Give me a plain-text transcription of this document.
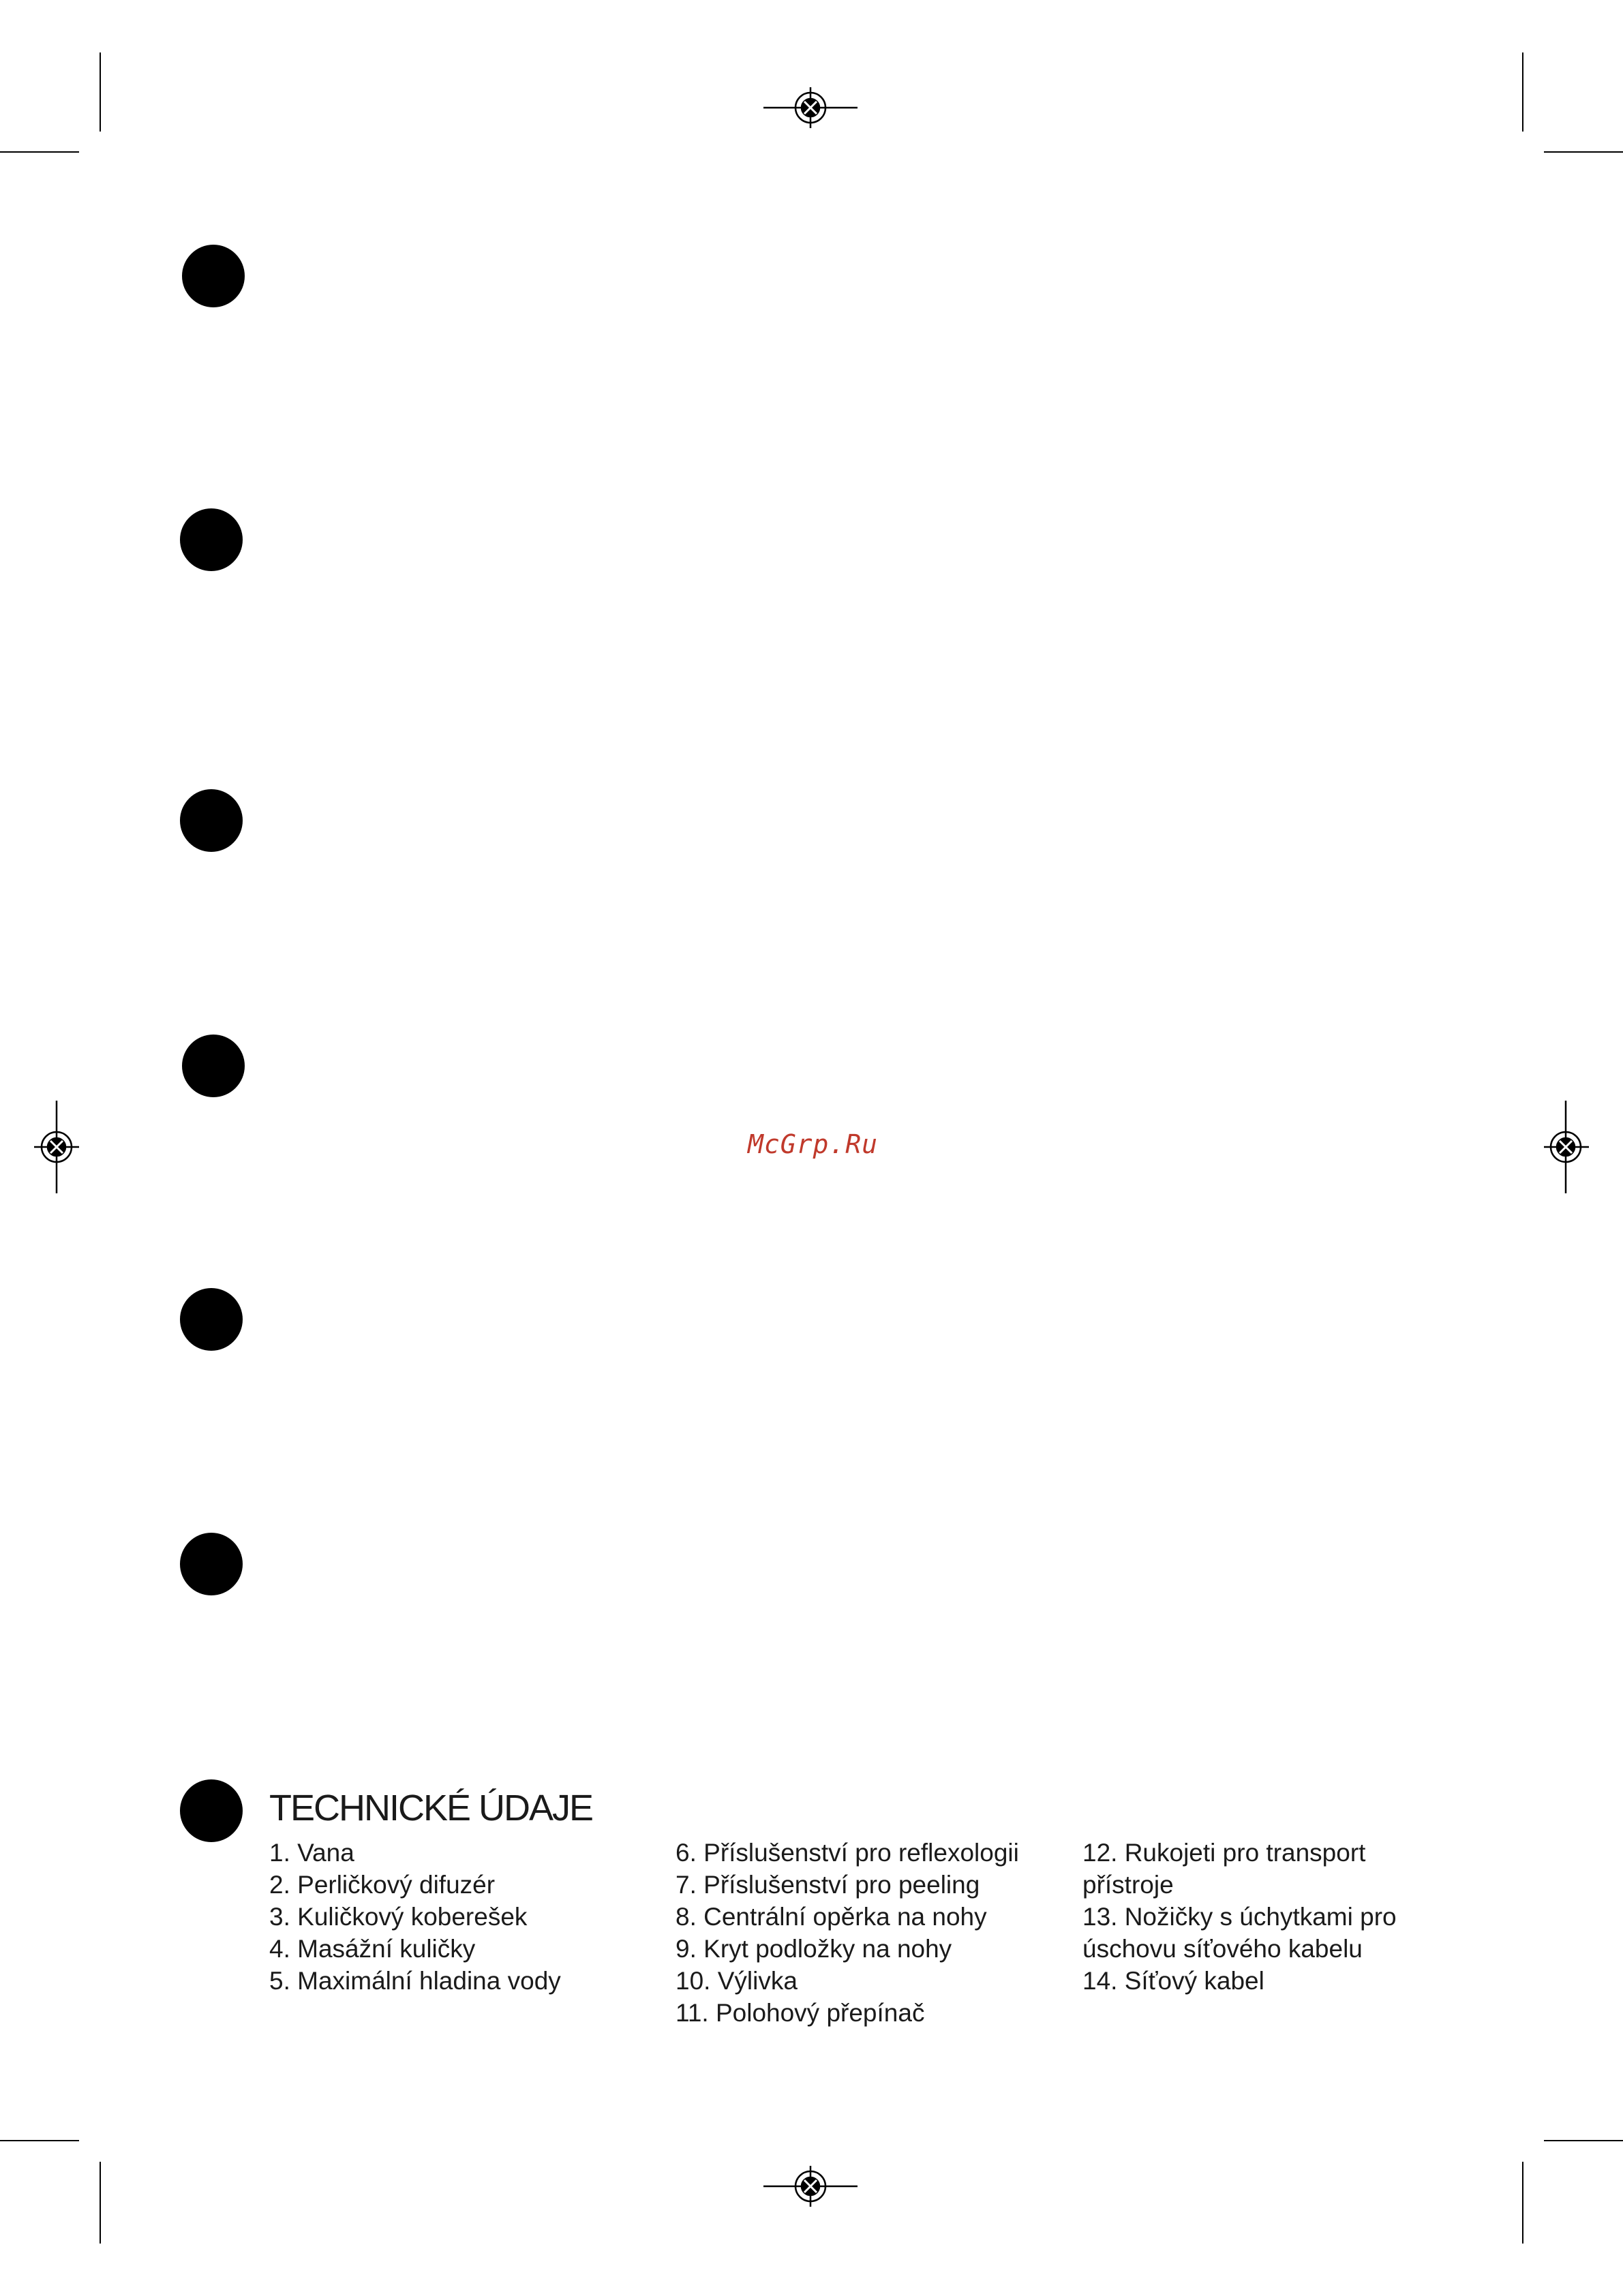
McGrp.Ru
TECHNICKÉ ÚDAJE
1. Vana
2. Perličkový difuzér
3. Kuličkový koberešek
4. Masážní kuličky
5. Maximální hladina vody
6. Příslušenství pro reflexologii
7. Příslušenství pro peeling
8. Centrální opěrka na nohy
9. Kryt podložky na nohy
10. Výlivka
11. Polohový přepínač
12. Rukojeti pro transport
přístroje
13. Nožičky s úchytkami pro
úschovu síťového kabelu
14. Síťový kabel
